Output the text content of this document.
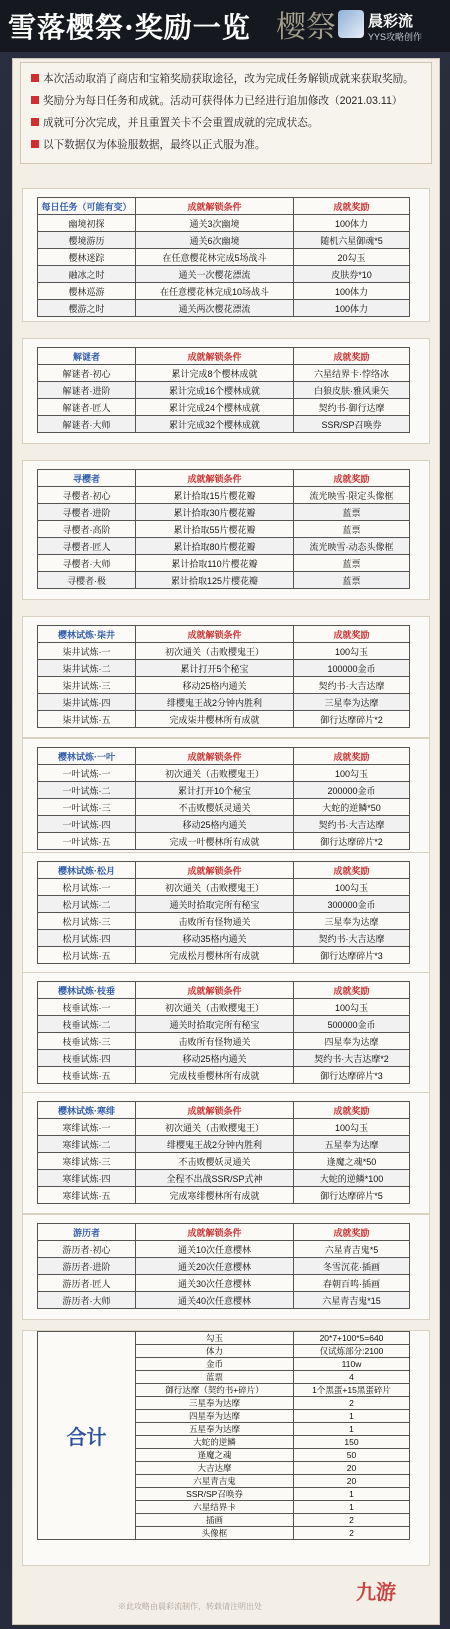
雪落樱祭·奖励一览 樱祭 晨彩流
YYS攻略创作
本次活动取消了商店和宝箱奖励获取途径，改为完成任务解锁成就来获取奖励。
奖励分为每日任务和成就。活动可获得体力已经进行追加修改（2021.03.11）
成就可分次完成，并且重置关卡不会重置成就的完成状态。
以下数据仅为体验服数据，最终以正式服为准。
每日任务（可能有变）	成就解锁条件	成就奖励
幽境初探	通关3次幽境	100体力
樱境游历	通关6次幽境	随机六星御魂*5
樱林迷踪	在任意樱花林完成5场战斗	20勾玉
融冰之时	通关一次樱花漂流	皮肤券*10
樱林巡游	在任意樱花林完成10场战斗	100体力
樱游之时	通关两次樱花漂流	100体力
解谜者	成就解锁条件	成就奖励
解谜者·初心	累计完成8个樱林成就	六星结界卡·悖络冰
解谜者·进阶	累计完成16个樱林成就	白狼皮肤·雅风秉矢
解谜者·匠人	累计完成24个樱林成就	契约书·御行达摩
解谜者·大师	累计完成32个樱林成就	SSR/SP召唤券
寻樱者	成就解锁条件	成就奖励
寻樱者·初心	累计拾取15片樱花瓣	流光映雪·限定头像框
寻樱者·进阶	累计拾取30片樱花瓣	蓝票
寻樱者·高阶	累计拾取55片樱花瓣	蓝票
寻樱者·匠人	累计拾取80片樱花瓣	流光映雪·动态头像框
寻樱者·大师	累计拾取110片樱花瓣	蓝票
寻樱者·极	累计拾取125片樱花瓣	蓝票
樱林试炼·柒井	成就解锁条件	成就奖励
柒井试炼·一	初次通关（击败樱鬼王）	100勾玉
柒井试炼·二	累计打开5个秘宝	100000金币
柒井试炼·三	移动25格内通关	契约书·大吉达摩
柒井试炼·四	绯樱鬼王战2分钟内胜利	三星奉为达摩
柒井试炼·五	完成柒井樱林所有成就	御行达摩碎片*2
樱林试炼·一叶	成就解锁条件	成就奖励
一叶试炼·一	初次通关（击败樱鬼王）	100勾玉
一叶试炼·二	累计打开10个秘宝	200000金币
一叶试炼·三	不击败樱妖灵通关	大蛇的逆鳞*50
一叶试炼·四	移动25格内通关	契约书·大吉达摩
一叶试炼·五	完成一叶樱林所有成就	御行达摩碎片*2
樱林试炼·松月	成就解锁条件	成就奖励
松月试炼·一	初次通关（击败樱鬼王）	100勾玉
松月试炼·二	通关时拾取完所有秘宝	300000金币
松月试炼·三	击败所有怪物通关	三星奉为达摩
松月试炼·四	移动35格内通关	契约书·大吉达摩
松月试炼·五	完成松月樱林所有成就	御行达摩碎片*3
樱林试炼·枝垂	成就解锁条件	成就奖励
枝垂试炼·一	初次通关（击败樱鬼王）	100勾玉
枝垂试炼·二	通关时拾取完所有秘宝	500000金币
枝垂试炼·三	击败所有怪物通关	四星奉为达摩
枝垂试炼·四	移动25格内通关	契约书·大吉达摩*2
枝垂试炼·五	完成枝垂樱林所有成就	御行达摩碎片*3
樱林试炼·寒绯	成就解锁条件	成就奖励
寒绯试炼·一	初次通关（击败樱鬼王）	100勾玉
寒绯试炼·二	绯樱鬼王战2分钟内胜利	五星奉为达摩
寒绯试炼·三	不击败樱妖灵通关	逢魔之魂*50
寒绯试炼·四	全程不出战SSR/SP式神	大蛇的逆鳞*100
寒绯试炼·五	完成寒绯樱林所有成就	御行达摩碎片*5
游历者	成就解锁条件	成就奖励
游历者·初心	通关10次任意樱林	六星青吉鬼*5
游历者·进阶	通关20次任意樱林	冬雪沉花·插画
游历者·匠人	通关30次任意樱林	春朝百鸣·插画
游历者·大师	通关40次任意樱林	六星青吉鬼*15
合计	勾玉	20*7+100*5=640
	体力	仅试炼部分:2100
	金币	110w
	蓝票	4
	御行达摩（契约书+碎片）	1个黑蛋+15黑蛋碎片
	三星奉为达摩	2
	四星奉为达摩	1
	五星奉为达摩	1
	大蛇的逆鳞	150
	逢魔之魂	50
	大吉达摩	20
	六星青吉鬼	20
	SSR/SP召唤券	1
	六星结界卡	1
	插画	2
	头像框	2
※此攻略由晨彩流制作，转载请注明出处
九游
